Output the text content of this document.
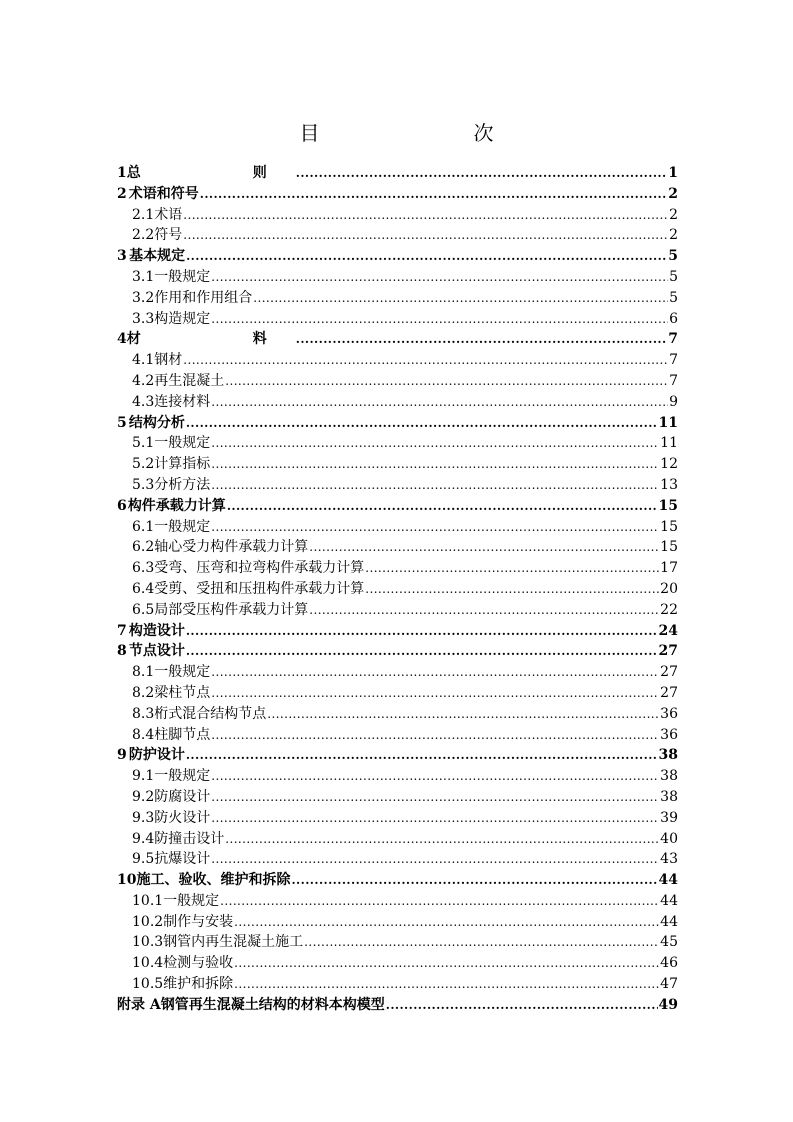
目　　次
1 总　　则 .....	1
2 术语和符号 .....	2
2.1 术语 .....	2
2.2 符号 .....	2
3 基本规定 .....	5
3.1 一般规定 .....	5
3.2 作用和作用组合 .....	5
3.3 构造规定 .....	6
4 材　　料 .....	7
4.1 钢材 .....	7
4.2 再生混凝土 .....	7
4.3 连接材料 .....	9
5 结构分析 .....	11
5.1 一般规定 .....	11
5.2 计算指标 .....	12
5.3 分析方法 .....	13
6 构件承载力计算 .....	15
6.1 一般规定 .....	15
6.2 轴心受力构件承载力计算 .....	15
6.3 受弯、压弯和拉弯构件承载力计算 .....	17
6.4 受剪、受扭和压扭构件承载力计算 .....	20
6.5 局部受压构件承载力计算 .....	22
7 构造设计 .....	24
8 节点设计 .....	27
8.1 一般规定 .....	27
8.2 梁柱节点 .....	27
8.3 桁式混合结构节点 .....	36
8.4 柱脚节点 .....	36
9 防护设计 .....	38
9.1 一般规定 .....	38
9.2 防腐设计 .....	38
9.3 防火设计 .....	39
9.4 防撞击设计 .....	40
9.5 抗爆设计 .....	43
10 施工、验收、维护和拆除 .....	44
10.1 一般规定 .....	44
10.2 制作与安装 .....	44
10.3 钢管内再生混凝土施工 .....	45
10.4 检测与验收 .....	46
10.5 维护和拆除 .....	47
附录 A 钢管再生混凝土结构的材料本构模型 .....	49
